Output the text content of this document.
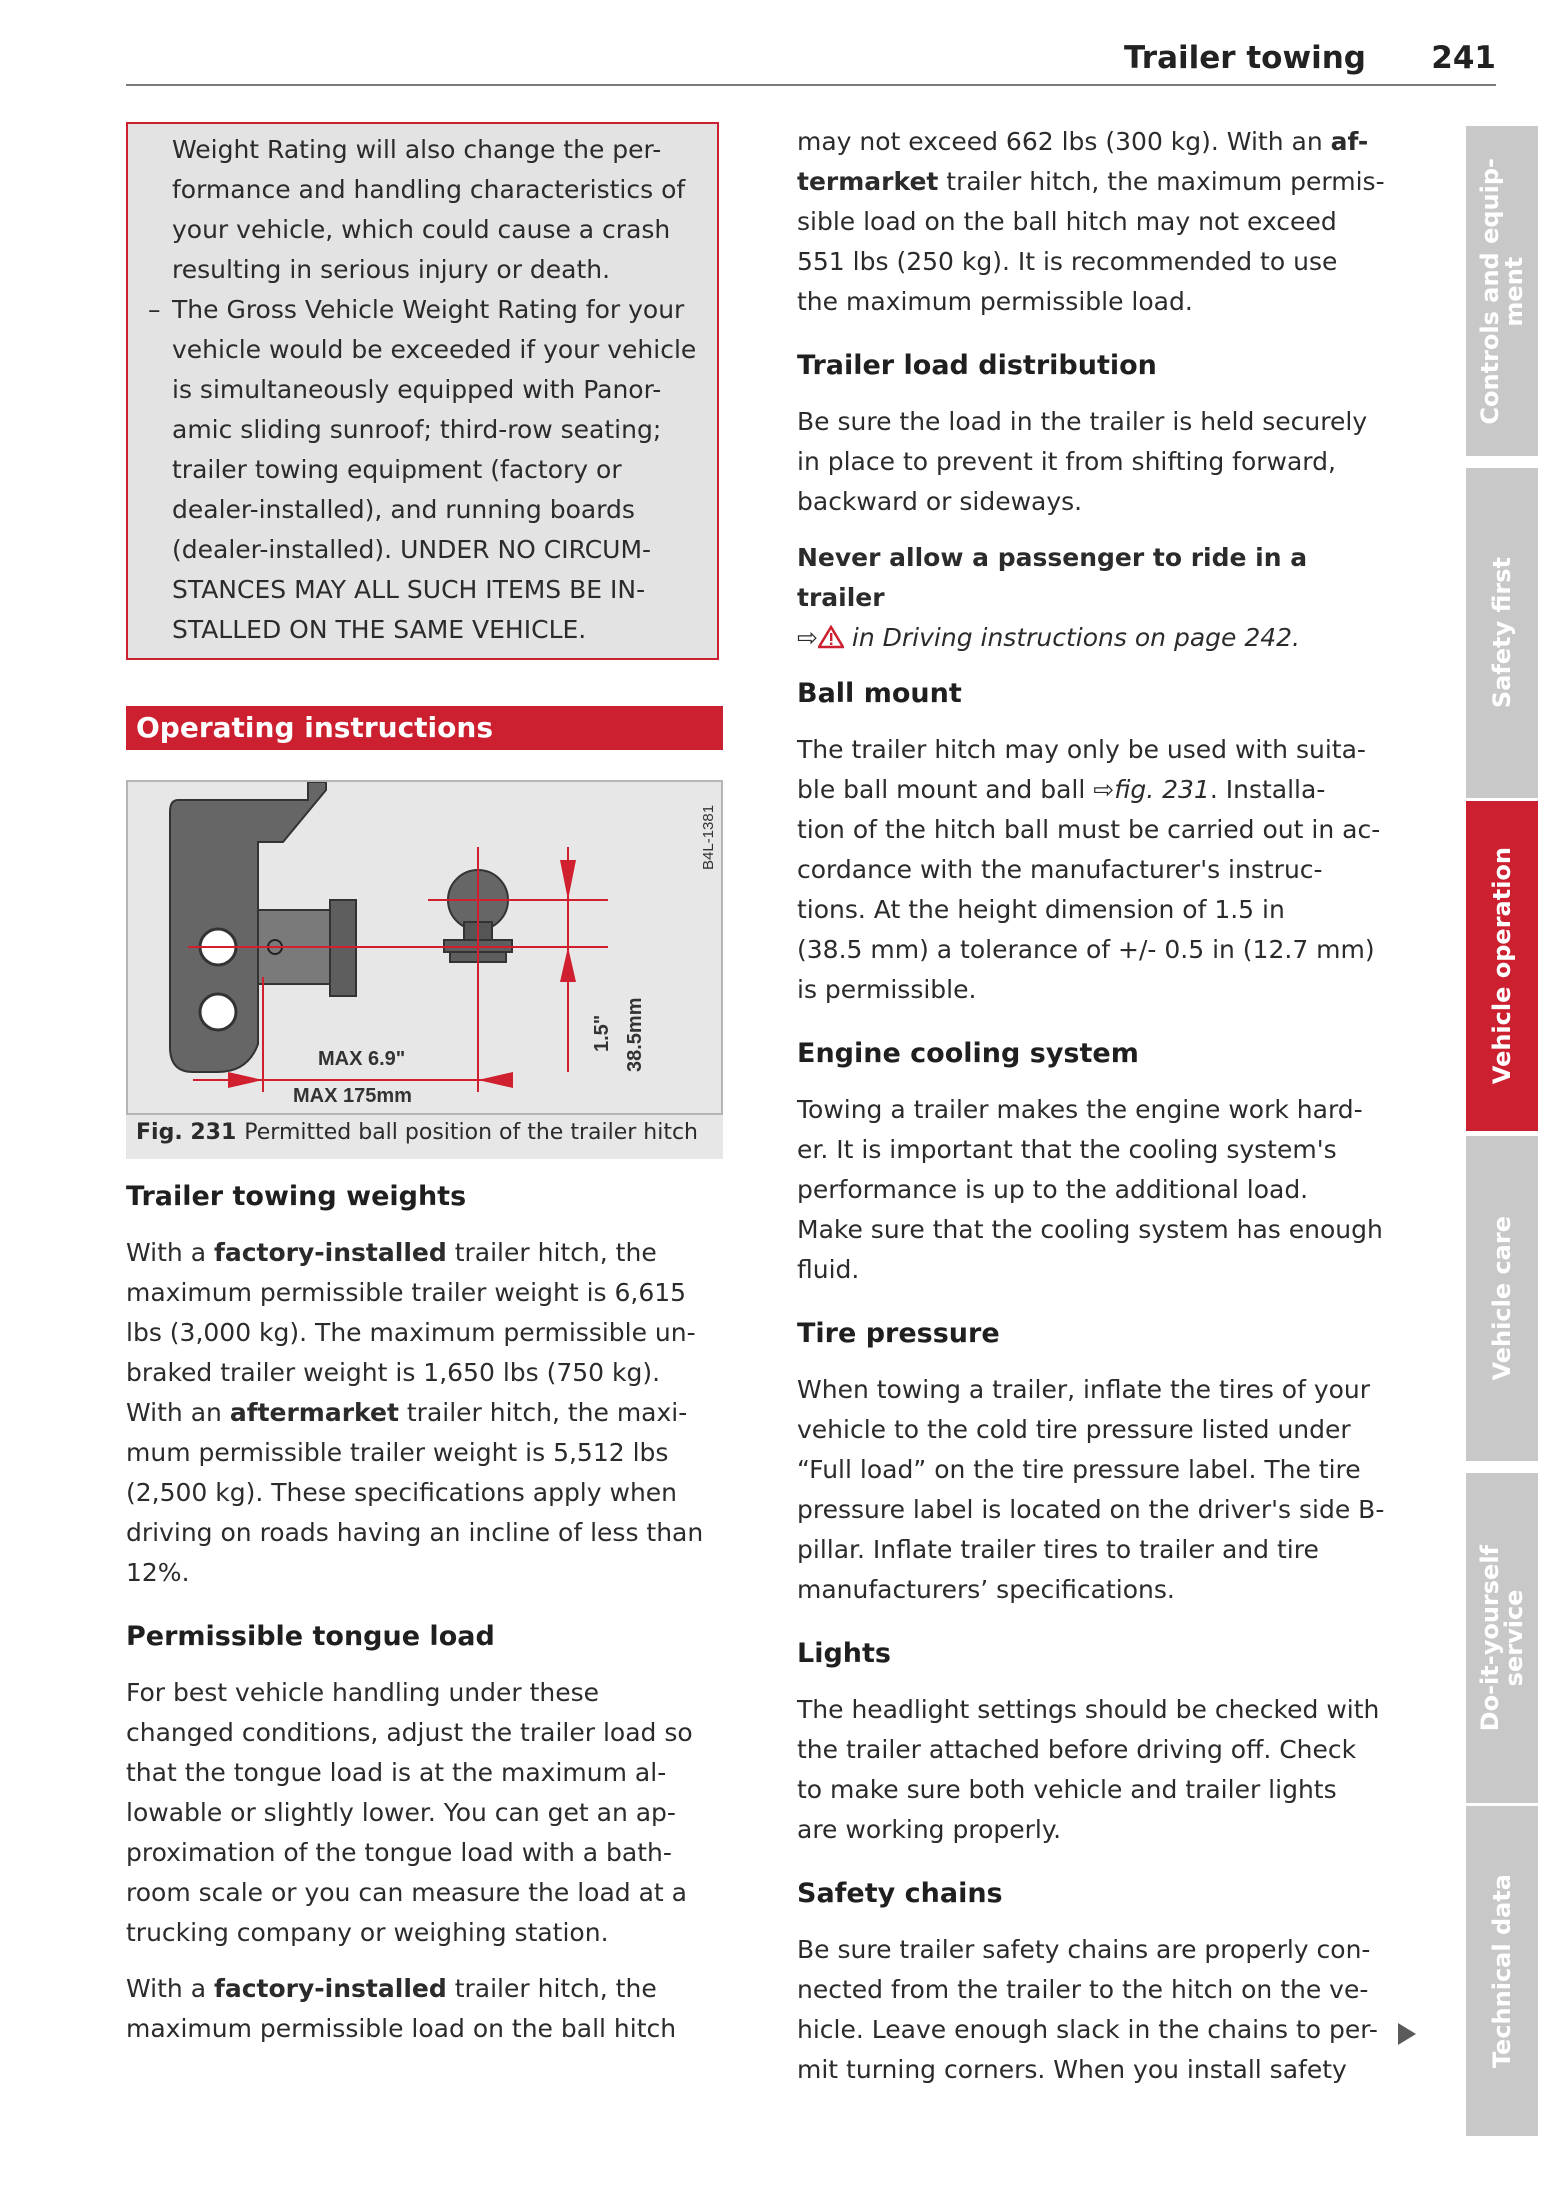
Trailer towing 241
Weight Rating will also change the per-
formance and handling characteristics of
your vehicle, which could cause a crash
resulting in serious injury or death.
– The Gross Vehicle Weight Rating for your
vehicle would be exceeded if your vehicle
is simultaneously equipped with Panor-
amic sliding sunroof; third-row seating;
trailer towing equipment (factory or
dealer-installed), and running boards
(dealer-installed). UNDER NO CIRCUM-
STANCES MAY ALL SUCH ITEMS BE IN-
STALLED ON THE SAME VEHICLE.
Operating instructions
MAX 6.9"
MAX 175mm
1.5" 38.5mm
B4L-1381
Fig. 231 Permitted ball position of the trailer hitch
Trailer towing weights
With a factory-installed trailer hitch, the
maximum permissible trailer weight is 6,615
lbs (3,000 kg). The maximum permissible un-
braked trailer weight is 1,650 lbs (750 kg).
With an aftermarket trailer hitch, the maxi-
mum permissible trailer weight is 5,512 lbs
(2,500 kg). These specifications apply when
driving on roads having an incline of less than
12%.
Permissible tongue load
For best vehicle handling under these
changed conditions, adjust the trailer load so
that the tongue load is at the maximum al-
lowable or slightly lower. You can get an ap-
proximation of the tongue load with a bath-
room scale or you can measure the load at a
trucking company or weighing station.
With a factory-installed trailer hitch, the
maximum permissible load on the ball hitch
may not exceed 662 lbs (300 kg). With an af-
termarket trailer hitch, the maximum permis-
sible load on the ball hitch may not exceed
551 lbs (250 kg). It is recommended to use
the maximum permissible load.
Trailer load distribution
Be sure the load in the trailer is held securely
in place to prevent it from shifting forward,
backward or sideways.

Never allow a passenger to ride in a trailer

⇨ in Driving instructions on page 242.

Ball mount
The trailer hitch may only be used with suita-
ble ball mount and ball ⇨fig. 231. Installa-
tion of the hitch ball must be carried out in ac-
cordance with the manufacturer's instruc-
tions. At the height dimension of 1.5 in
(38.5 mm) a tolerance of +/- 0.5 in (12.7 mm)
is permissible.
Engine cooling system
Towing a trailer makes the engine work hard-
er. It is important that the cooling system's
performance is up to the additional load.
Make sure that the cooling system has enough
fluid.
Tire pressure
When towing a trailer, inflate the tires of your
vehicle to the cold tire pressure listed under
“Full load” on the tire pressure label. The tire
pressure label is located on the driver's side B-
pillar. Inflate trailer tires to trailer and tire
manufacturers’ specifications.
Lights
The headlight settings should be checked with
the trailer attached before driving off. Check
to make sure both vehicle and trailer lights
are working properly.
Safety chains
Be sure trailer safety chains are properly con-
nected from the trailer to the hitch on the ve-
hicle. Leave enough slack in the chains to per-
mit turning corners. When you install safety
Controls and equip-
ment
Safety first
Vehicle operation
Vehicle care
Do-it-yourself
service
Technical data
